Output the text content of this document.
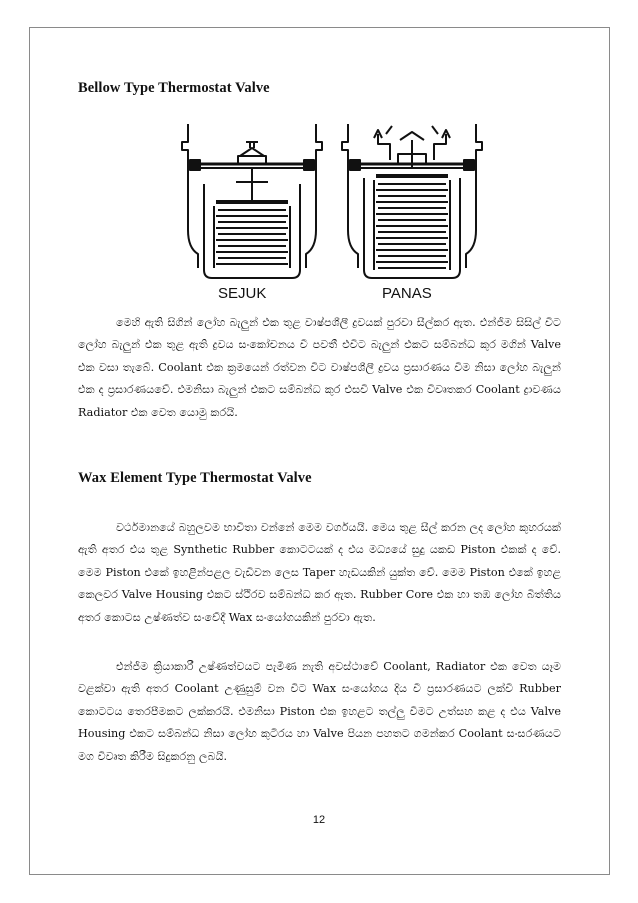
Bellow Type Thermostat Valve
SEJUK	PANAS

මෙහි ඇති සිගින් ලෝහ බැලුන් එක තුළ වාෂ්පශීලී ද්‍රවයක් පුරවා සීල්කර ඇත. එන්ජිම සිසිල් විට ලෝහ බැලුන් එක තුළ ඇති ද්‍රවය සංකෝචනය වී පවතී එවිට බැලුන් එකට සම්බන්ධ කුර මගින් Valve එක වසා තැබේ. Coolant එක ක්‍රමයෙන් රත්වන විට වාෂ්පශීලී ද්‍රවය ප්‍රසාරණය වීම නිසා ලෝහ බැලුන් එක ද ප්‍රසාරණයවේ. එමනිසා බැලුන් එකට සම්බන්ධ කුර එසවී Valve එක විවෘතකර Coolant ද්‍රාවණය Radiator එක වෙත යොමු කරයි.

Wax Element Type Thermostat Valve

වර්ථමානයේ බහුලවම භාවිතා වන්නේ මෙම වර්ගයයි. මෙය තුළ සීල් කරන ලද ලෝහ කුහරයක් ඇති අතර එය තුළ Synthetic Rubber කොටටයක් ද එය මධ්‍යයේ සුදු යකඩ Piston එකක් ද වේ. මෙම Piston එකේ ඉහළින්පළල වැඩිවන ලෙස Taper හැඩයකින් යුක්ත වේ. මෙම Piston එකේ ඉහළ කෙලවර Valve Housing එකට ස්ථිරව සම්බන්ධ කර ඇත. Rubber Core එක හා තඹ ලෝහ බිත්තිය අතර කොටස උෂ්ණත්ව සංවේදී Wax සංයෝගයකින් පුරවා ඇත.

එන්ජිම ක්‍රියාකාරී උෂ්ණත්වයට පැමිණ නැති අවස්ථාවේ Coolant, Radiator එක වෙත යෑම වළක්වා ඇති අතර Coolant උණුසුම් වන විට Wax සංයෝගය දිය වී ප්‍රසාරණයට ලක්වී Rubber කොටටය තෙරපීමකට ලක්කරයි. එමනිසා Piston එක ඉහළට තල්ලු වීමට උත්සහ කළ ද එය Valve Housing එකට සම්බන්ධ නිසා ලෝහ කුටිරය හා Valve පියන පහතට ගමන්කර Coolant සංසරණයට මග විවෘත කිරීම සිදුකරනු ලබයි.

12
